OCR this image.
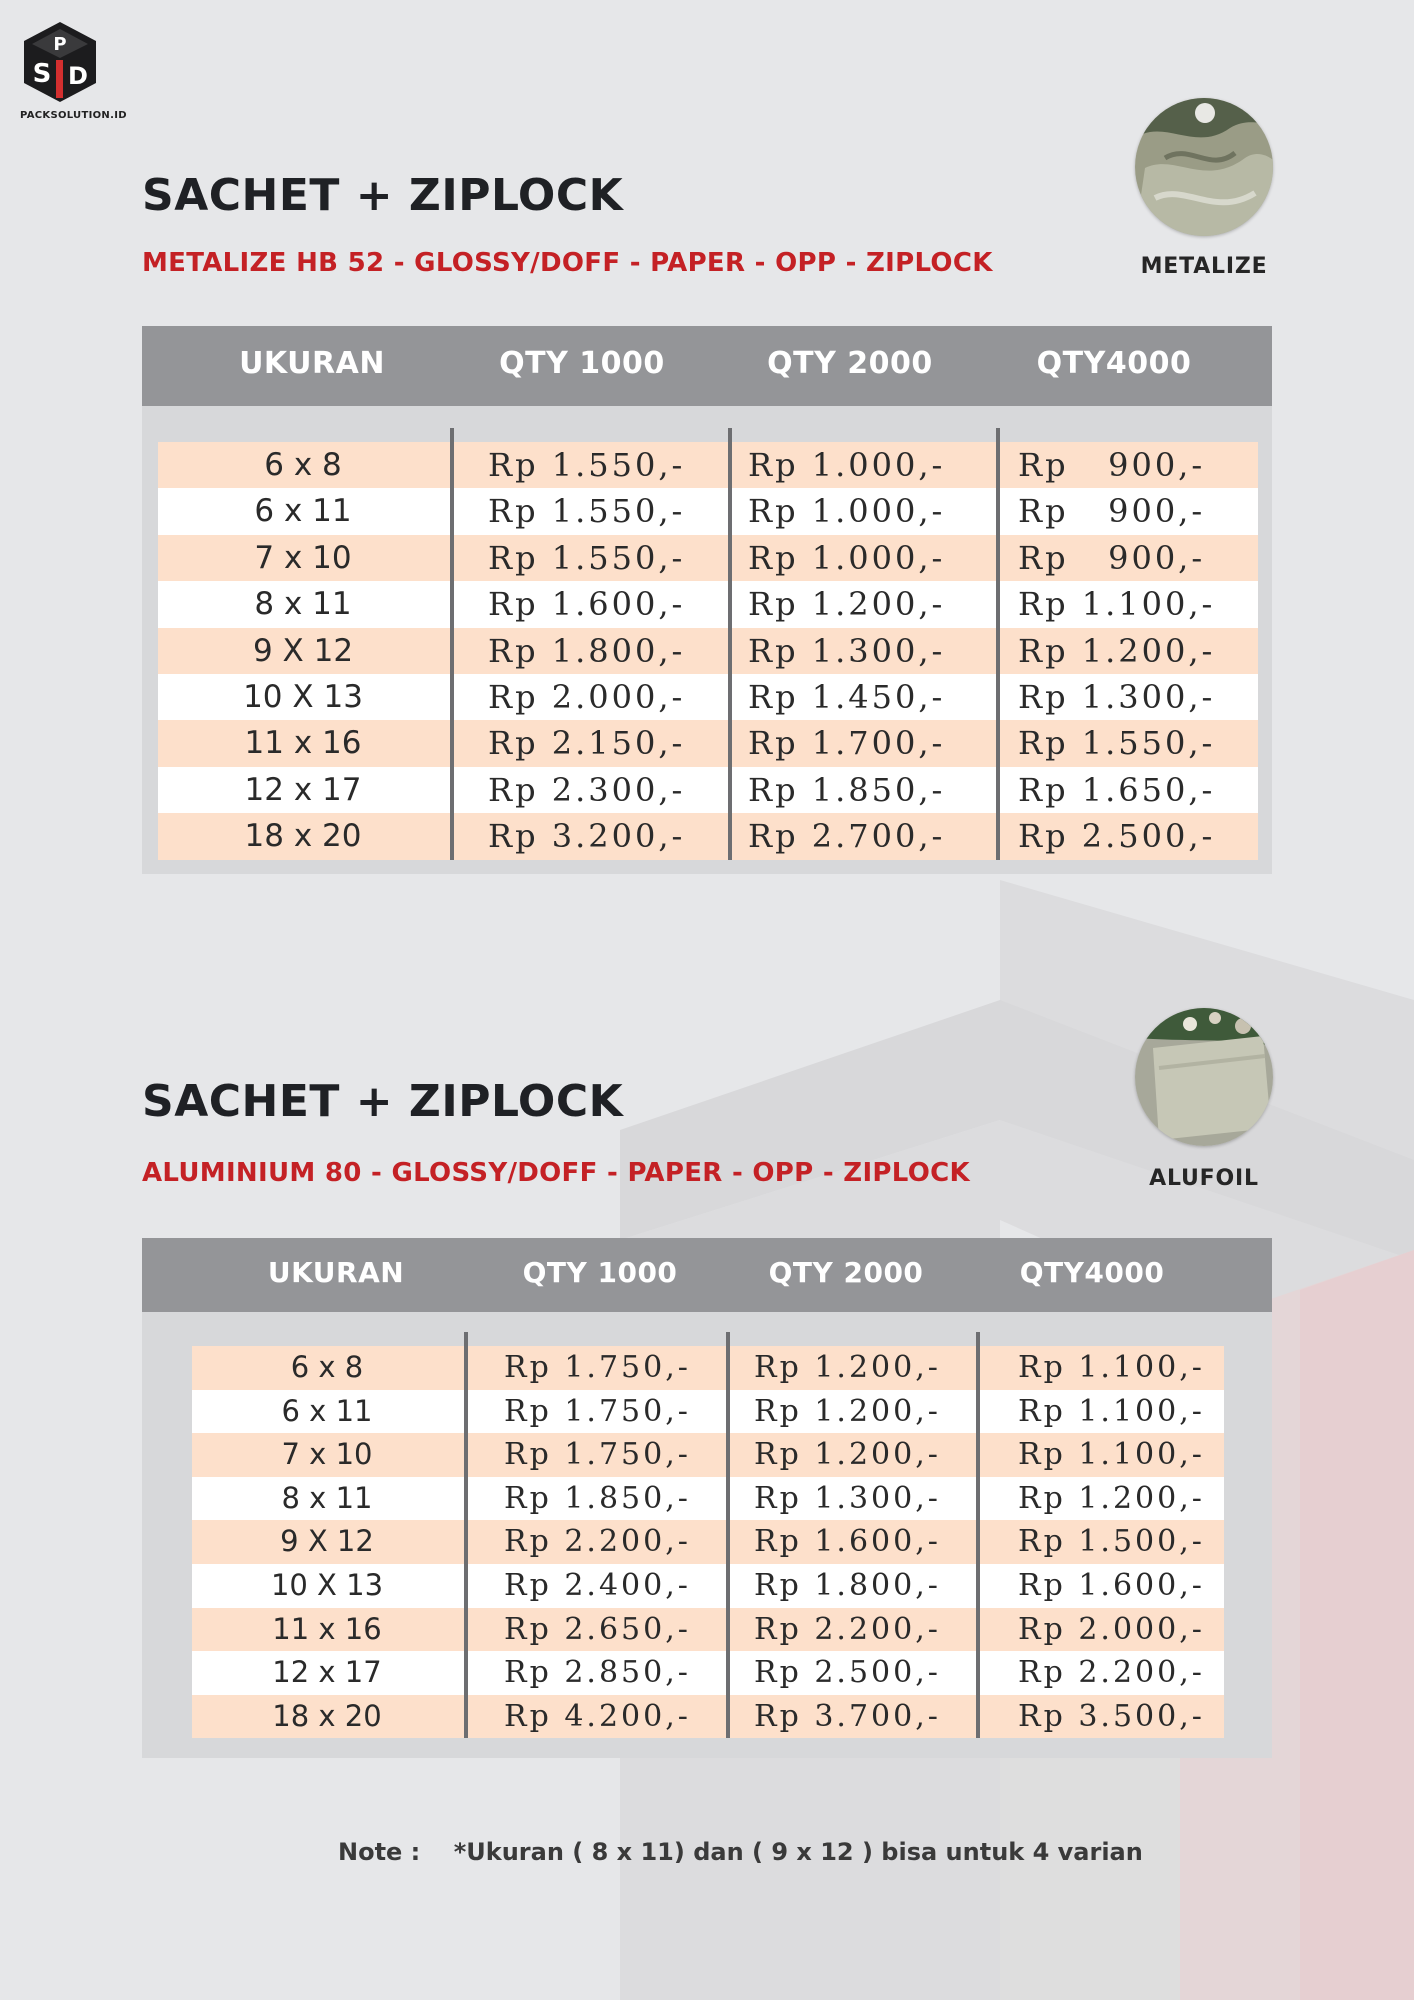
P
S D
PACKSOLUTION.ID
SACHET + ZIPLOCK
METALIZE HB 52 - GLOSSY/DOFF - PAPER - OPP - ZIPLOCK	METALIZE
UKURAN	QTY 1000	QTY 2000	QTY4000
6 x 8	Rp 1.550,- Rp 1.000,- Rp   900,-
6 x 11	Rp 1.550,- Rp 1.000,- Rp   900,-
7 x 10	Rp 1.550,- Rp 1.000,- Rp   900,-
8 x 11	Rp 1.600,- Rp 1.200,- Rp 1.100,-
9 X 12	Rp 1.800,- Rp 1.300,- Rp 1.200,-
10 X 13	Rp 2.000,- Rp 1.450,- Rp 1.300,-
11 x 16	Rp 2.150,- Rp 1.700,- Rp 1.550,-
12 x 17	Rp 2.300,- Rp 1.850,- Rp 1.650,-
18 x 20	Rp 3.200,- Rp 2.700,- Rp 2.500,-
SACHET + ZIPLOCK
ALUMINIUM 80 - GLOSSY/DOFF - PAPER - OPP - ZIPLOCK	ALUFOIL
UKURAN	QTY 1000	QTY 2000	QTY4000
6 x 8	Rp 1.750,- Rp 1.200,-	Rp 1.100,-
6 x 11	Rp 1.750,- Rp 1.200,-	Rp 1.100,-
7 x 10	Rp 1.750,- Rp 1.200,-	Rp 1.100,-
8 x 11	Rp 1.850,- Rp 1.300,-	Rp 1.200,-
9 X 12	Rp 2.200,- Rp 1.600,-	Rp 1.500,-
10 X 13	Rp 2.400,- Rp 1.800,-	Rp 1.600,-
11 x 16	Rp 2.650,- Rp 2.200,-	Rp 2.000,-
12 x 17	Rp 2.850,- Rp 2.500,-	Rp 2.200,-
18 x 20	Rp 4.200,- Rp 3.700,-	Rp 3.500,-
Note : *Ukuran ( 8 x 11) dan ( 9 x 12 ) bisa untuk 4 varian
